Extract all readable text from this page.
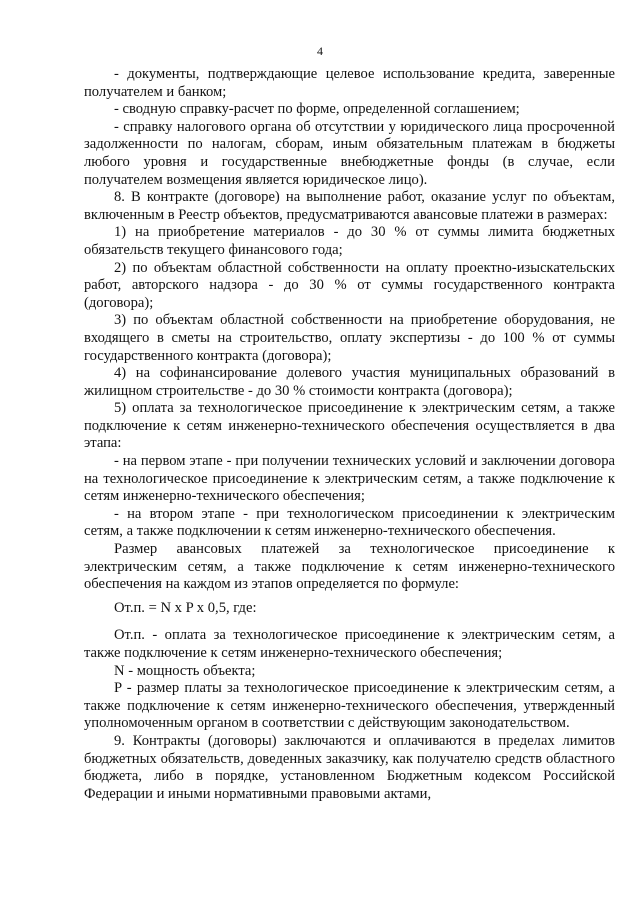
4

- документы, подтверждающие целевое использование кредита, заверенные получателем и банком;

- сводную справку-расчет по форме, определенной соглашением;

- справку налогового органа об отсутствии у юридического лица просроченной задолженности по налогам, сборам, иным обязательным платежам в бюджеты любого уровня и государственные внебюджетные фонды (в случае, если получателем возмещения является юридическое лицо).

8. В контракте (договоре) на выполнение работ, оказание услуг по объектам, включенным в Реестр объектов, предусматриваются авансовые платежи в размерах:

1) на приобретение материалов - до 30 % от суммы лимита бюджетных обязательств текущего финансового года;

2) по объектам областной собственности на оплату проектно-изыскательских работ, авторского надзора - до 30 % от суммы государственного контракта (договора);

3) по объектам областной собственности на приобретение оборудования, не входящего в сметы на строительство, оплату экспертизы - до 100 % от суммы государственного контракта (договора);

4) на софинансирование долевого участия муниципальных образований в жилищном строительстве - до 30 % стоимости контракта (договора);

5) оплата за технологическое присоединение к электрическим сетям, а также подключение к сетям инженерно-технического обеспечения осуществляется в два этапа:

- на первом этапе - при получении технических условий и заключении договора на технологическое присоединение к электрическим сетям, а также подключение к сетям инженерно-технического обеспечения;

- на втором этапе - при технологическом присоединении к электрическим сетям, а также подключении к сетям инженерно-технического обеспечения.

Размер авансовых платежей за технологическое присоединение к электрическим сетям, а также подключение к сетям инженерно-технического обеспечения на каждом из этапов определяется по формуле:

От.п. = N x P x 0,5, где:

От.п. - оплата за технологическое присоединение к электрическим сетям, а также подключение к сетям инженерно-технического обеспечения;

N - мощность объекта;

P - размер платы за технологическое присоединение к электрическим сетям, а также подключение к сетям инженерно-технического обеспечения, утвержденный уполномоченным органом в соответствии с действующим законодательством.

9. Контракты (договоры) заключаются и оплачиваются в пределах лимитов бюджетных обязательств, доведенных заказчику, как получателю средств областного бюджета, либо в порядке, установленном Бюджетным кодексом Российской Федерации и иными нормативными правовыми актами,
